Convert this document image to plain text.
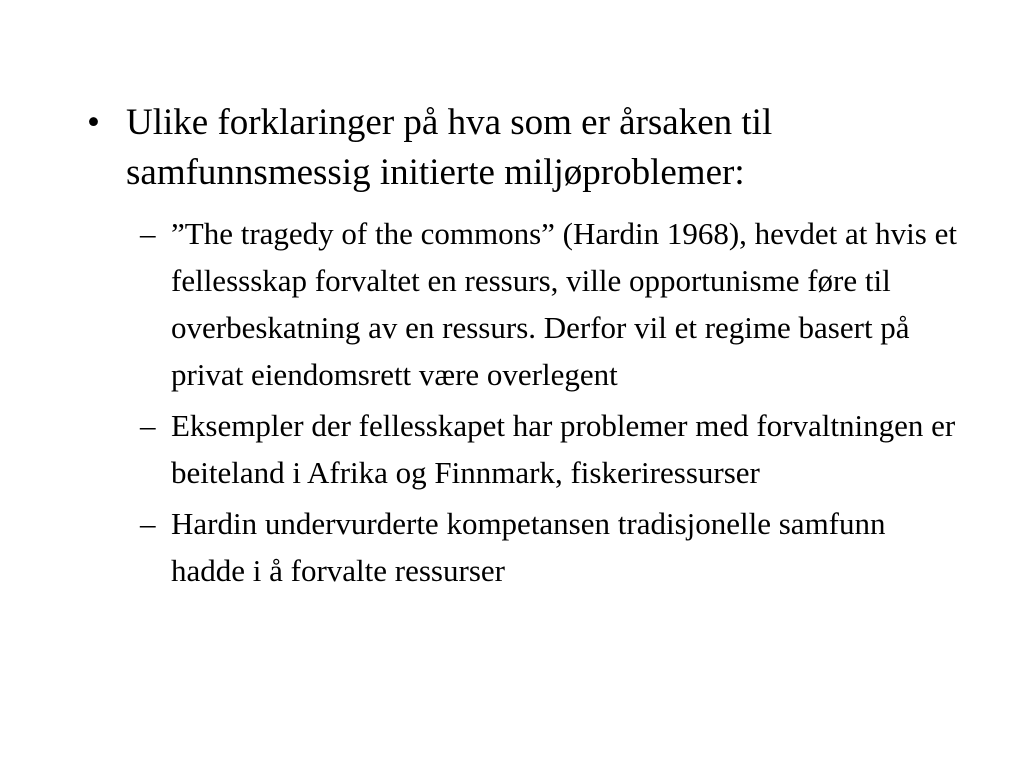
• Ulike forklaringer på hva som er årsaken til samfunnsmessig initierte miljøproblemer:
– ”The tragedy of the commons” (Hardin 1968), hevdet at hvis et fellessskap forvaltet en ressurs, ville opportunisme føre til overbeskatning av en ressurs. Derfor vil et regime basert på privat eiendomsrett være overlegent
– Eksempler der fellesskapet har problemer med forvaltningen er beiteland i Afrika og Finnmark, fiskeriressurser
– Hardin undervurderte kompetansen tradisjonelle samfunn hadde i å forvalte ressurser
